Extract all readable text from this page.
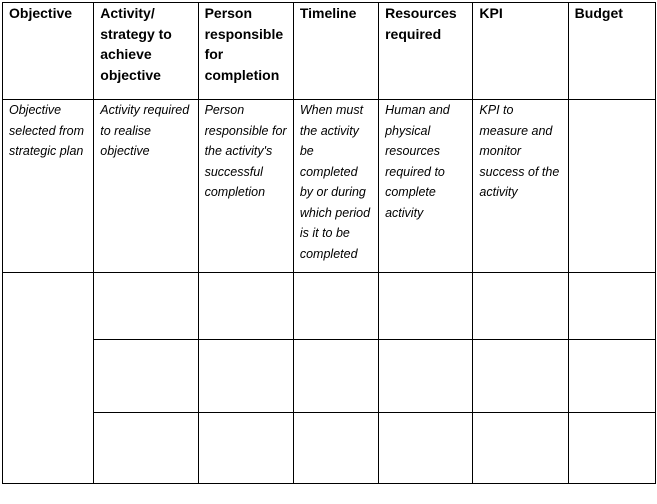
Objective	Activity/ strategy to achieve objective	Person responsible for completion	Timeline	Resources required	KPI	Budget
Objective selected from strategic plan	Activity required to realise objective	Person responsible for the activity's successful completion	When must the activity be completed by or during which period is it to be completed	Human and physical resources required to complete activity	KPI to measure and monitor success of the activity	
